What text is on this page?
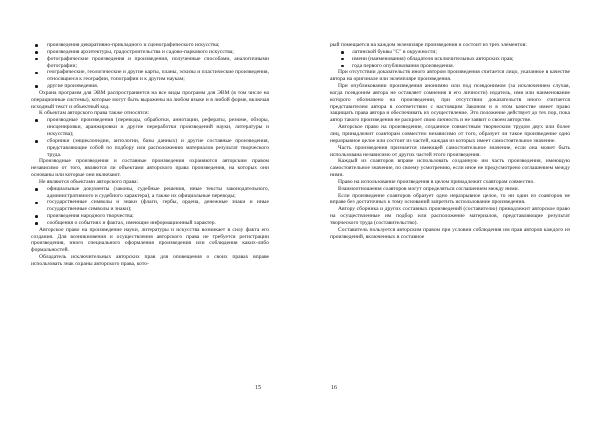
произведения декоративно-прикладного и сценографического искусства;
произведения архитектуры, градостроительства и садово-паркового искусства;
фотографические произведения и произведения, полученные способами, аналогичными фотографии;
географические, геологические и другие карты, планы, эскизы и пластические произведения, относящиеся к географии, топографии и к другим наукам;
другие произведения.

Охрана программ для ЭВМ распространяется на все виды программ для ЭВМ (в том числе на операционные системы), которые могут быть выражены на любом языке и в любой форме, включая исходный текст и объектный код.

К объектам авторского права также относятся:

производные произведения (переводы, обработки, аннотации, рефераты, резюме, обзоры, инсценировки, аранжировки и другие переработки произведений науки, литературы и искусства);
сборники (энциклопедии, антологии, базы данных) и другие составные произведения, представляющие собой по подбору или расположению материалов результат творческого труда.

Производные произведения и составные произведения охраняются авторским правом независимо от того, являются ли объектами авторского права произведения, на которых они основаны или которые они включают.

Не являются объектами авторского права:

официальные документы (законы, судебные решения, иные тексты законодательного, административного и судебного характера), а также их официальные переводы;
государственные символы и знаки (флаги, гербы, ордена, денежные знаки и иные государственные символы и знаки);
произведения народного творчества;
сообщения о событиях и фактах, имеющие информационный характер.

Авторское право на произведение науки, литературы и искусства возникает в силу факта его создания. Для возникновения и осуществления авторского права не требуется регистрации произведения, иного специального оформления произведения или соблюдения каких-либо формальностей.

Обладатель исключительных авторских прав для оповещения о своих правах вправе использовать знак охраны авторского права, кото-

15

рый помещается на каждом экземпляре произведения и состоит из трех элементов:

латинской буквы "С" в окружности;
имени (наименования) обладателя исключительных авторских прав;
года первого опубликования произведения.

При отсутствии доказательств иного автором произведения считается лицо, указанное в качестве автора на оригинале или экземпляре произведения.

При опубликовании произведения анонимно или под псевдонимом (за исключением случая, когда псевдоним автора не оставляет сомнения в его личности) издатель, имя или наименование которого обозначено на произведении, при отсутствии доказательств иного считается представителем автора в соответствии с настоящим Законом и в этом качестве имеет право защищать права автора и обеспечивать их осуществление. Это положение действует до тех пор, пока автор такого произведения не раскроет свою личность и не заявит о своем авторстве.

Авторское право на произведение, созданное совместным творческим трудом двух или более лиц, принадлежит соавторам совместно независимо от того, образует ли такое произведение одно неразрывное целое или состоит из частей, каждая из которых имеет самостоятельное значение.

Часть произведения признается имеющей самостоятельное значение, если она может быть использована независимо от других частей этого произведения.

Каждый из соавторов вправе использовать созданную им часть произведения, имеющую самостоятельное значение, по своему усмотрению, если иное не предусмотрено соглашением между ними.

Право на использование произведения в целом принадлежит соавторам совместно.

Взаимоотношения соавторов могут определяться соглашением между ними.

Если произведение соавторов образует одно неразрывное целое, то ни один из соавторов не вправе без достаточных к тому оснований запретить использование произведения.

Автору сборника и других составных произведений (составителю) принадлежит авторское право на осуществленные им подбор или расположение материалов, представляющие результат творческого труда (составительство).

Составитель пользуется авторским правом при условии соблюдения им прав авторов каждого из произведений, включенных в составное

16
